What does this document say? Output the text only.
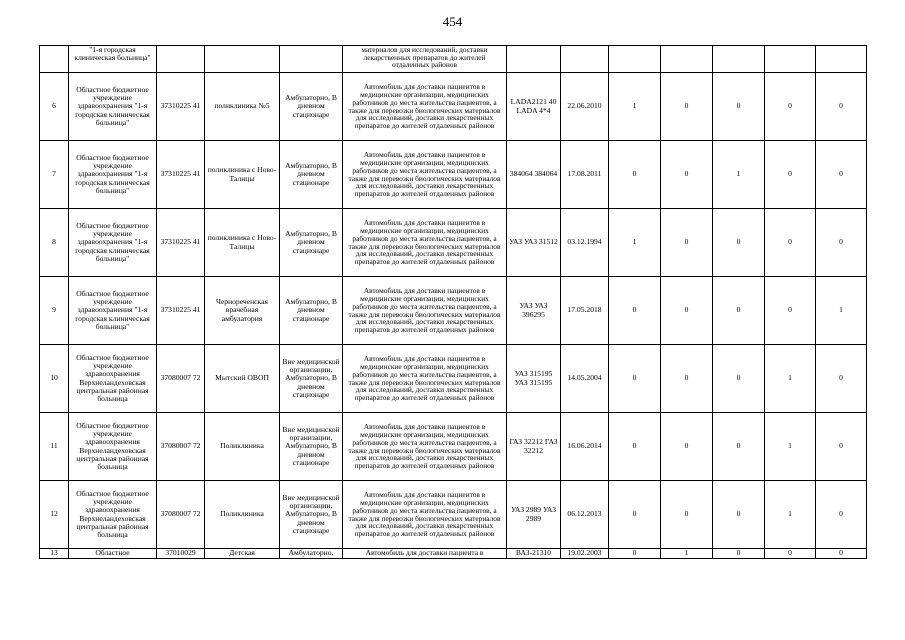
454
	"1-я городская клиническая больница"				материалов для исследований, доставки лекарственных препаратов до жителей отдаленных районов							
6	Областное бюджетное учреждение здравоохранения "1-я городская клиническая больница"	37310225 41	поликлиника №5	Амбулаторно, В дневном стационаре	Автомобиль для доставки пациентов в медицинские организации, медицинских работников до места жительства пациентов, а также для перевозки биологических материалов для исследований, доставки лекарственных препаратов до жителей отдаленных районов	LADA2121 40 LADA 4*4	22.06.2010	1	0	0	0	0
7	Областное бюджетное учреждение здравоохранения "1-я городская клиническая больница"	37310225 41	поликлиника с Ново-Талицы	Амбулаторно, В дневном стационаре	Автомобиль для доставки пациентов в медицинские организации, медицинских работников до места жительства пациентов, а также для перевозки биологических материалов для исследований, доставки лекарственных препаратов до жителей отдаленных районов	384064 384064	17.08.2011	0	0	1	0	0
8	Областное бюджетное учреждение здравоохранения "1-я городская клиническая больница"	37310225 41	поликлиника с Ново-Талицы	Амбулаторно, В дневном стационаре	Автомобиль для доставки пациентов в медицинские организации, медицинских работников до места жительства пациентов, а также для перевозки биологических материалов для исследований, доставки лекарственных препаратов до жителей отдаленных районов	УАЗ УАЗ 31512	03.12.1994	1	0	0	0	0
9	Областное бюджетное учреждение здравоохранения "1-я городская клиническая больница"	37310225 41	Чернореченская врачебная амбулатория	Амбулаторно, В дневном стационаре	Автомобиль для доставки пациентов в медицинские организации, медицинских работников до места жительства пациентов, а также для перевозки биологических материалов для исследований, доставки лекарственных препаратов до жителей отдаленных районов	УАЗ УАЗ 396295	17.05.2018	0	0	0	0	1
10	Областное бюджетное учреждение здравоохранения Верхнеландеховская центральная районная больница	37080007 72	Мытский ОВОП	Вне медицинской организации, Амбулаторно, В дневном стационаре	Автомобиль для доставки пациентов в медицинские организации, медицинских работников до места жительства пациентов, а также для перевозки биологических материалов для исследований, доставки лекарственных препаратов до жителей отдаленных районов	УАЗ 315195 УАЗ 315195	14.05.2004	0	0	0	1	0
11	Областное бюджетное учреждение здравоохранения Верхнеландеховская центральная районная больница	37080007 72	Поликлиника	Вне медицинской организации, Амбулаторно, В дневном стационаре	Автомобиль для доставки пациентов в медицинские организации, медицинских работников до места жительства пациентов, а также для перевозки биологических материалов для исследований, доставки лекарственных препаратов до жителей отдаленных районов	ГАЗ 32212 ГАЗ 32212	16.06.2014	0	0	0	1	0
12	Областное бюджетное учреждение здравоохранения Верхнеландеховская центральная районная больница	37080007 72	Поликлиника	Вне медицинской организации, Амбулаторно, В дневном стационаре	Автомобиль для доставки пациентов в медицинские организации, медицинских работников до места жительства пациентов, а также для перевозки биологических материалов для исследований, доставки лекарственных препаратов до жителей отдаленных районов	УАЗ 2989 УАЗ 2989	06.12.2013	0	0	0	1	0
13	Областное	37010029	Детская	Амбулаторно,	Автомобиль для доставки пациента в	ВАЗ-21310	19.02.2003	0	1	0	0	0
